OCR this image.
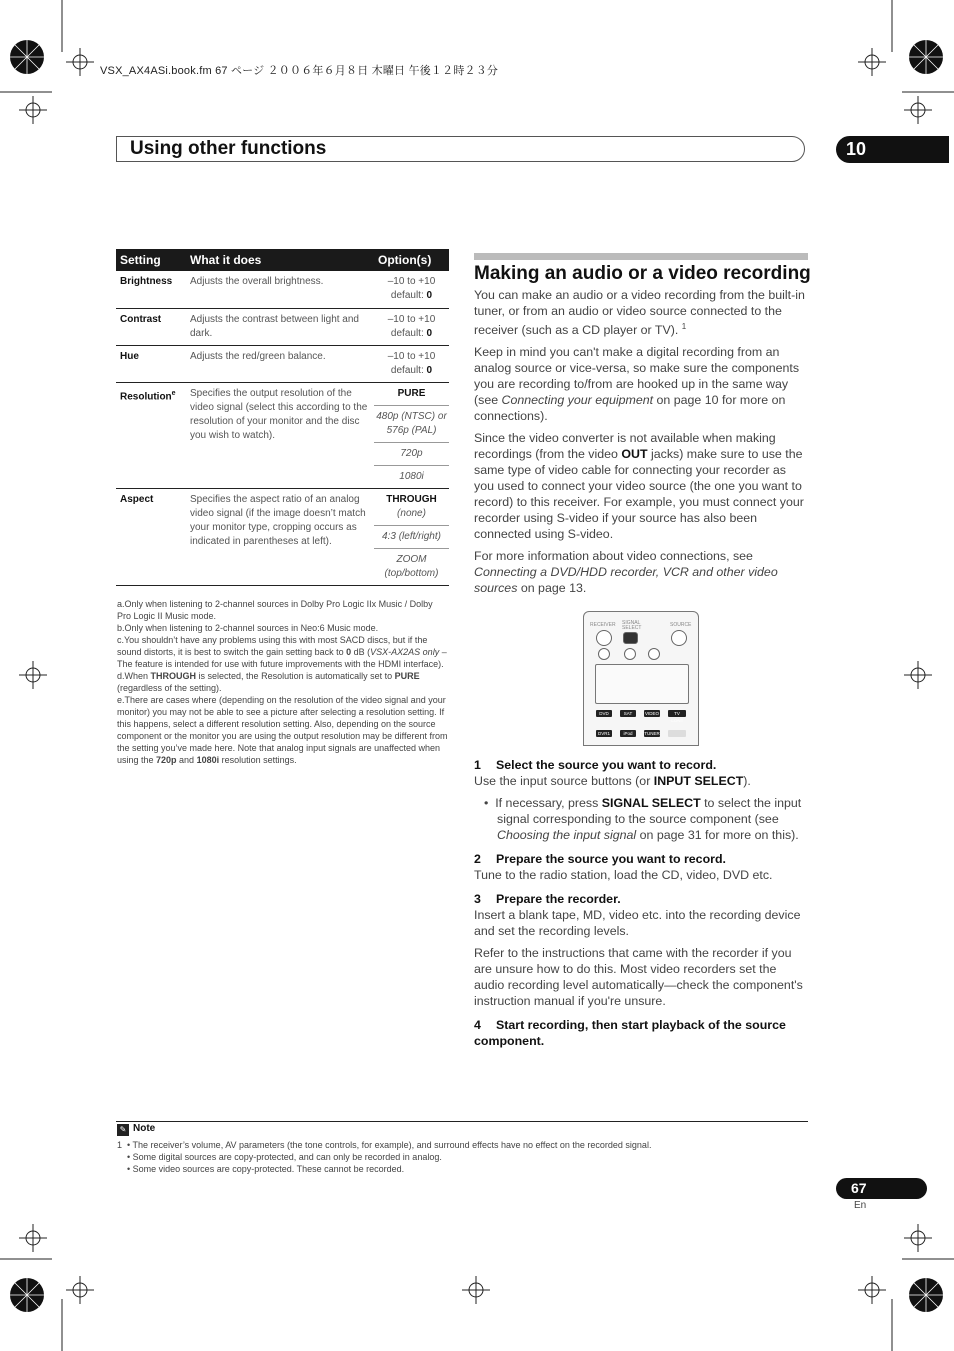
VSX_AX4ASi.book.fm 67 ページ ２００６年６月８日 木曜日 午後１２時２３分
Using other functions	10
Setting	What it does	Option(s)
Brightness	Adjusts the overall brightness.	–10 to +10
default: 0
Contrast	Adjusts the contrast between light and dark.	–10 to +10
default: 0
Hue	Adjusts the red/green balance.	–10 to +10
default: 0
Resolution$^e$	Specifies the output resolution of the video signal (select this according to the resolution of your monitor and the disc you wish to watch).	PURE
480p (NTSC) or 576p (PAL)
720p
1080i

Aspect	Specifies the aspect ratio of an analog video signal (if the image doesn’t match your monitor type, cropping occurs as indicated in parentheses at left).	THROUGH
(none)
4:3 (left/right)
ZOOM
(top/bottom)

a.Only when listening to 2-channel sources in Dolby Pro Logic IIx Music / Dolby Pro Logic II Music mode.

b.Only when listening to 2-channel sources in Neo:6 Music mode.

c.You shouldn’t have any problems using this with most SACD discs, but if the sound distorts, it is best to switch the gain setting back to 0 dB (VSX-AX2AS only – The feature is intended for use with future improvements with the HDMI interface).

d.When THROUGH is selected, the Resolution is automatically set to PURE (regardless of the setting).

e.There are cases where (depending on the resolution of the video signal and your monitor) you may not be able to see a picture after selecting a resolution setting. If this happens, select a different resolution setting. Also, depending on the source component or the monitor you are using the output resolution may be different from the setting you’ve made here. Note that analog input signals are unaffected when using the 720p and 1080i resolution settings.

Making an audio or a video recording

You can make an audio or a video recording from the built-in tuner, or from an audio or video source connected to the receiver (such as a CD player or TV). $^1$

Keep in mind you can't make a digital recording from an analog source or vice-versa, so make sure the components you are recording to/from are hooked up in the same way (see Connecting your equipment on page 10 for more on connections).

Since the video converter is not available when making recordings (from the video OUT jacks) make sure to use the same type of video cable for connecting your recorder as you used to connect your video source (the one you want to record) to this receiver. For example, you must connect your recorder using S-video if your source has also been connected using S-video.

For more information about video connections, see Connecting a DVD/HDD recorder, VCR and other video sources on page 13.

RECEIVER SIGNAL SELECT	SOURCE
DVD	SAT	VIDEO	TV CONT
DVR1	iPod	TUNER

1 Select the source you want to record.

Use the input source buttons (or INPUT SELECT).

•  If necessary, press SIGNAL SELECT to select the input signal corresponding to the source component (see Choosing the input signal on page 31 for more on this).

2 Prepare the source you want to record.

Tune to the radio station, load the CD, video, DVD etc.

3 Prepare the recorder.

Insert a blank tape, MD, video etc. into the recording device and set the recording levels.

Refer to the instructions that came with the recorder if you are unsure how to do this. Most video recorders set the audio recording level automatically—check the component's instruction manual if you're unsure.

4 Start recording, then start playback of the source component.

✎ Note

1 • The receiver’s volume, AV parameters (the tone controls, for example), and surround effects have no effect on the recorded signal.

• Some digital sources are copy-protected, and can only be recorded in analog.

• Some video sources are copy-protected. These cannot be recorded.

67
En
